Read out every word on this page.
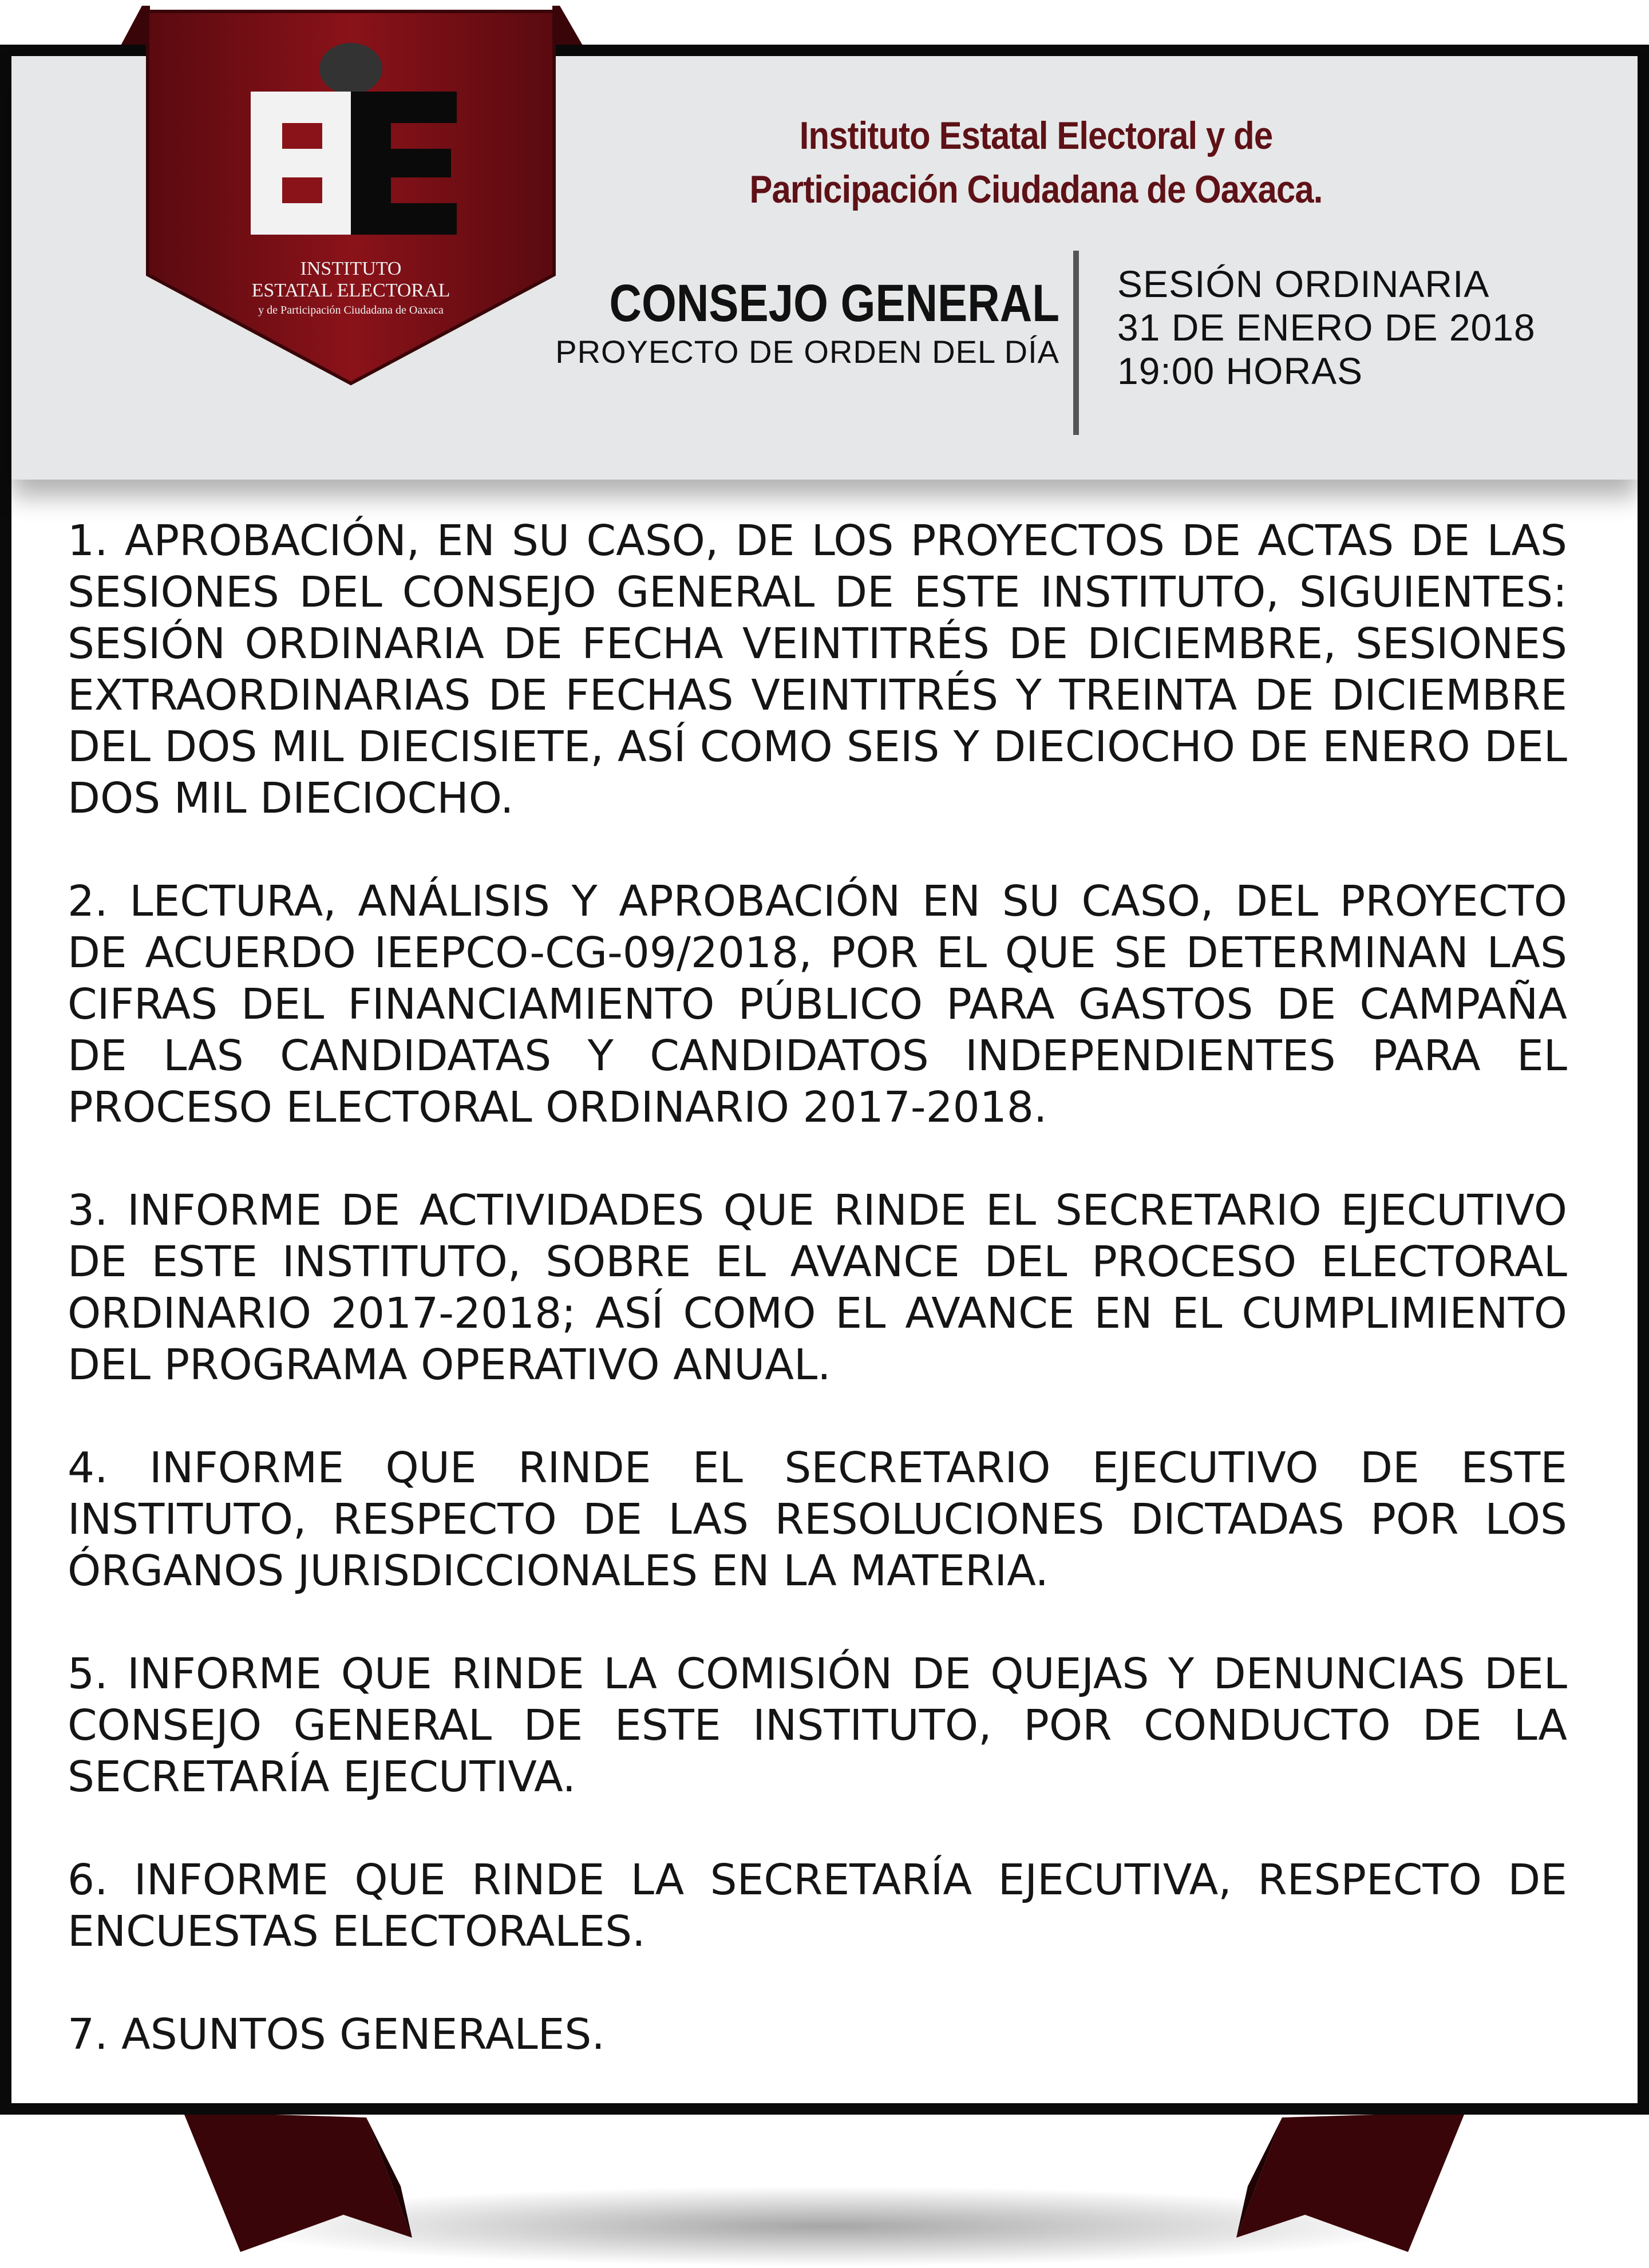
INSTITUTO
ESTATAL ELECTORAL
y de Participación Ciudadana de Oaxaca
Instituto Estatal Electoral y de
Participación Ciudadana de Oaxaca.
CONSEJO GENERAL
PROYECTO DE ORDEN DEL DÍA
SESIÓN ORDINARIA
31 DE ENERO DE 2018
19:00 HORAS

1. APROBACIÓN, EN SU CASO, DE LOS PROYECTOS DE ACTAS DE LAS SESIONES DEL CONSEJO GENERAL DE ESTE INSTITUTO, SIGUIENTES: SESIÓN ORDINARIA DE FECHA VEINTITRÉS DE DICIEMBRE, SESIONES EXTRAORDINARIAS DE FECHAS VEINTITRÉS Y TREINTA DE DICIEMBRE DEL DOS MIL DIECISIETE, ASÍ COMO SEIS Y DIECIOCHO DE ENERO DEL DOS MIL DIECIOCHO.

2. LECTURA, ANÁLISIS Y APROBACIÓN EN SU CASO, DEL PROYECTO DE ACUERDO IEEPCO-CG-09/2018, POR EL QUE SE DETERMINAN LAS CIFRAS DEL FINANCIAMIENTO PÚBLICO PARA GASTOS DE CAMPAÑA DE LAS CANDIDATAS Y CANDIDATOS INDEPENDIENTES PARA EL PROCESO ELECTORAL ORDINARIO 2017-2018.

3. INFORME DE ACTIVIDADES QUE RINDE EL SECRETARIO EJECUTIVO DE ESTE INSTITUTO, SOBRE EL AVANCE DEL PROCESO ELECTORAL ORDINARIO 2017-2018; ASÍ COMO EL AVANCE EN EL CUMPLIMIENTO DEL PROGRAMA OPERATIVO ANUAL.

4. INFORME QUE RINDE EL SECRETARIO EJECUTIVO DE ESTE INSTITUTO, RESPECTO DE LAS RESOLUCIONES DICTADAS POR LOS ÓRGANOS JURISDICCIONALES EN LA MATERIA.

5. INFORME QUE RINDE LA COMISIÓN DE QUEJAS Y DENUNCIAS DEL CONSEJO GENERAL DE ESTE INSTITUTO, POR CONDUCTO DE LA SECRETARÍA EJECUTIVA.

6. INFORME QUE RINDE LA SECRETARÍA EJECUTIVA, RESPECTO DE ENCUESTAS ELECTORALES.

7. ASUNTOS GENERALES.
